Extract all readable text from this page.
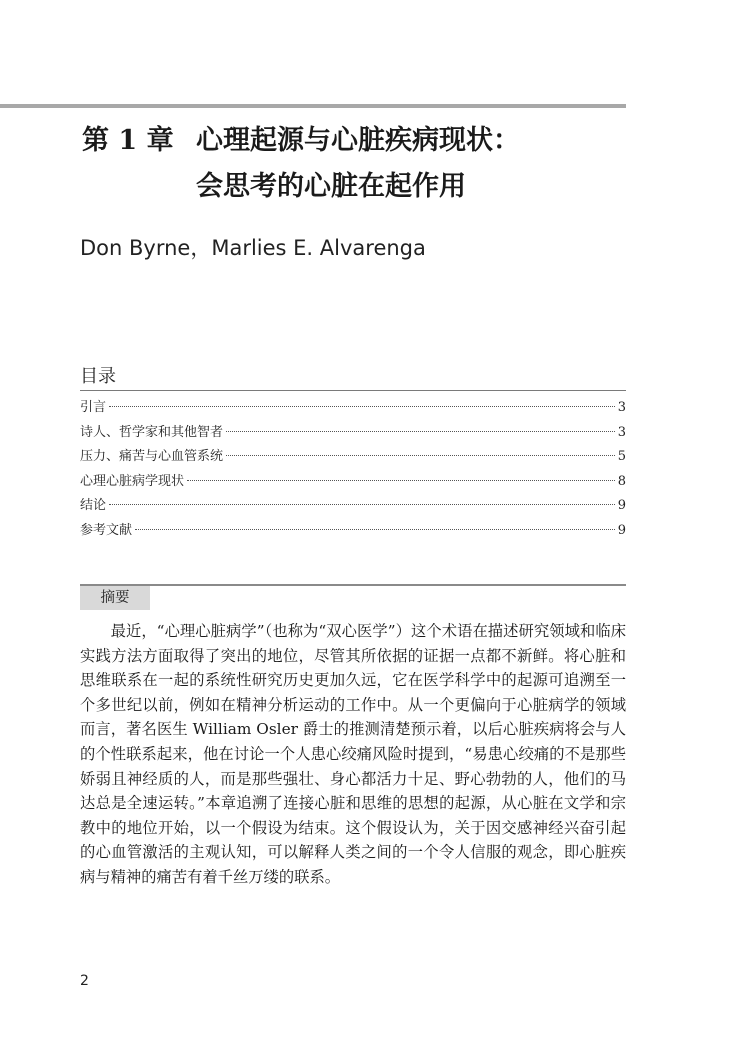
第 1 章 心理起源与心脏疾病现状：
会思考的心脏在起作用
Don Byrne，Marlies E. Alvarenga
目录
引言	3
诗人、哲学家和其他智者	3
压力、痛苦与心血管系统	5
心理心脏病学现状	8
结论	9
参考文献	9
摘要

最近，“心理心脏病学”（也称为“双心医学”）这个术语在描述研究领域和临床实践方法方面取得了突出的地位，尽管其所依据的证据一点都不新鲜。将心脏和思维联系在一起的系统性研究历史更加久远，它在医学科学中的起源可追溯至一个多世纪以前，例如在精神分析运动的工作中。从一个更偏向于心脏病学的领域而言，著名医生 William Osler 爵士的推测清楚预示着，以后心脏疾病将会与人的个性联系起来，他在讨论一个人患心绞痛风险时提到，“易患心绞痛的不是那些娇弱且神经质的人，而是那些强壮、身心都活力十足、野心勃勃的人，他们的马达总是全速运转。”本章追溯了连接心脏和思维的思想的起源，从心脏在文学和宗教中的地位开始，以一个假设为结束。这个假设认为，关于因交感神经兴奋引起的心血管激活的主观认知，可以解释人类之间的一个令人信服的观念，即心脏疾病与精神的痛苦有着千丝万缕的联系。

2
